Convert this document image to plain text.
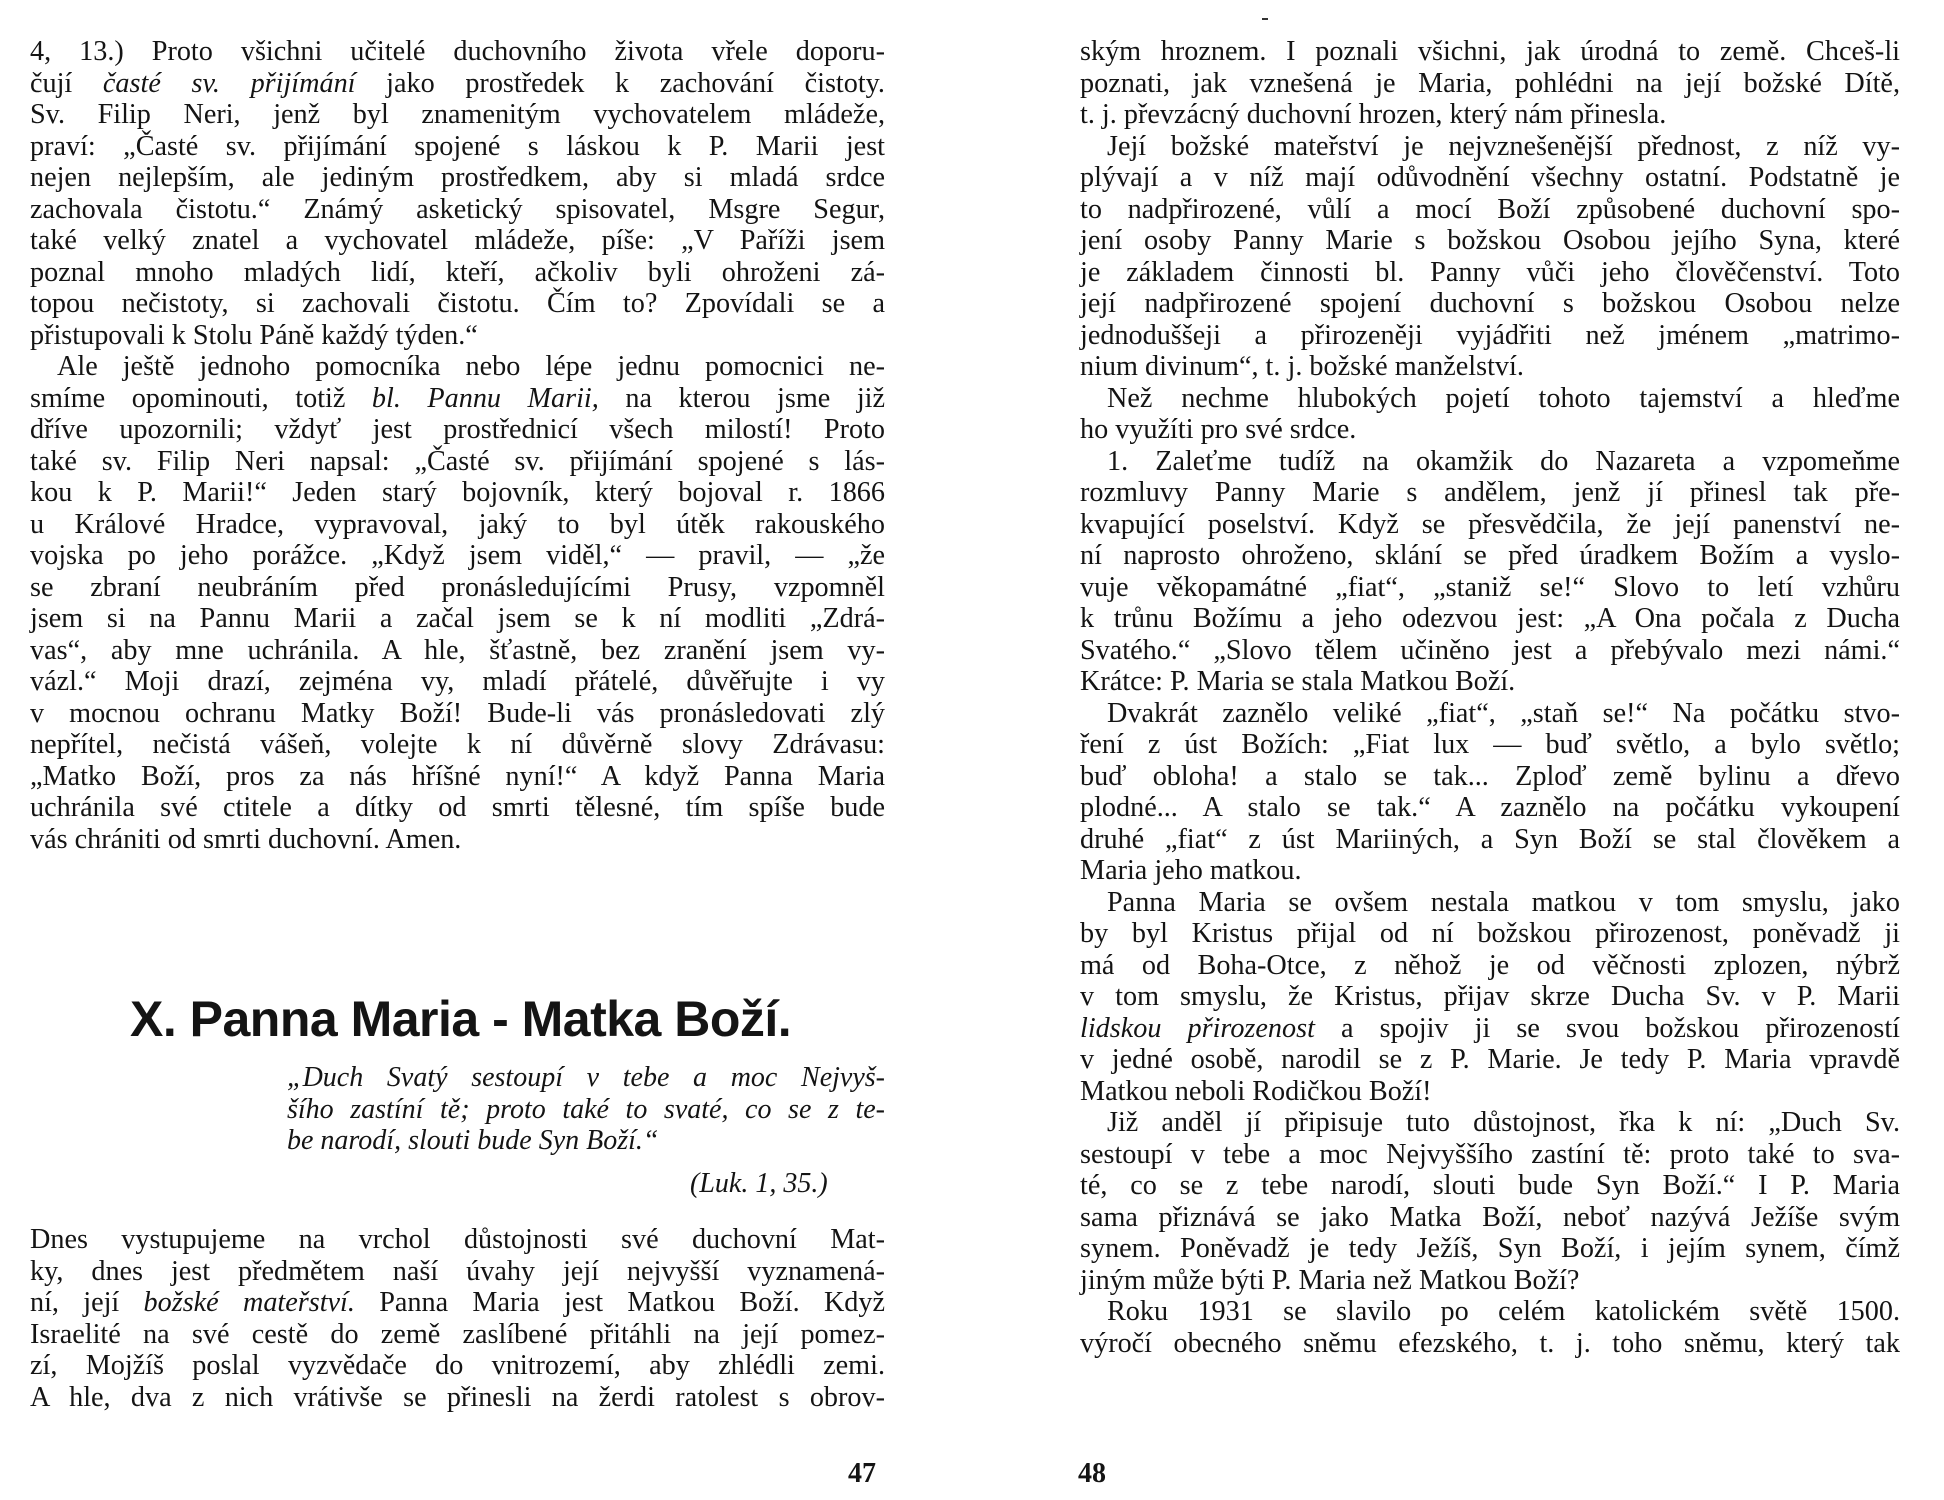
4, 13.) Proto všichni učitelé duchovního života vřele doporu-
čují časté sv. přijímání jako prostředek k zachování čistoty.
Sv. Filip Neri, jenž byl znamenitým vychovatelem mládeže,
praví: „Časté sv. přijímání spojené s láskou k P. Marii jest
nejen nejlepším, ale jediným prostředkem, aby si mladá srdce
zachovala čistotu.“ Známý asketický spisovatel, Msgre Segur,
také velký znatel a vychovatel mládeže, píše: „V Paříži jsem
poznal mnoho mladých lidí, kteří, ačkoliv byli ohroženi zá-
topou nečistoty, si zachovali čistotu. Čím to? Zpovídali se a
přistupovali k Stolu Páně každý týden.“
Ale ještě jednoho pomocníka nebo lépe jednu pomocnici ne-
smíme opominouti, totiž bl. Pannu Marii, na kterou jsme již
dříve upozornili; vždyť jest prostřednicí všech milostí! Proto
také sv. Filip Neri napsal: „Časté sv. přijímání spojené s lás-
kou k P. Marii!“ Jeden starý bojovník, který bojoval r. 1866
u Králové Hradce, vypravoval, jaký to byl útěk rakouského
vojska po jeho porážce. „Když jsem viděl,“ — pravil, — „že
se zbraní neubráním před pronásledujícími Prusy, vzpomněl
jsem si na Pannu Marii a začal jsem se k ní modliti „Zdrá-
vas“, aby mne uchránila. A hle, šťastně, bez zranění jsem vy-
vázl.“ Moji drazí, zejména vy, mladí přátelé, důvěřujte i vy
v mocnou ochranu Matky Boží! Bude-li vás pronásledovati zlý
nepřítel, nečistá vášeň, volejte k ní důvěrně slovy Zdrávasu:
„Matko Boží, pros za nás hříšné nyní!“ A když Panna Maria
uchránila své ctitele a dítky od smrti tělesné, tím spíše bude
vás chrániti od smrti duchovní. Amen.
X. Panna Maria - Matka Boží.
„Duch Svatý sestoupí v tebe a moc Nejvyš-
šího zastíní tě; proto také to svaté, co se z te-
be narodí, slouti bude Syn Boží.“
(Luk. 1, 35.)
Dnes vystupujeme na vrchol důstojnosti své duchovní Mat-
ky, dnes jest předmětem naší úvahy její nejvyšší vyznamená-
ní, její božské mateřství. Panna Maria jest Matkou Boží. Když
Israelité na své cestě do země zaslíbené přitáhli na její pomez-
zí, Mojžíš poslal vyzvědače do vnitrozemí, aby zhlédli zemi.
A hle, dva z nich vrátivše se přinesli na žerdi ratolest s obrov-
47
ským hroznem. I poznali všichni, jak úrodná to země. Chceš-li
poznati, jak vznešená je Maria, pohlédni na její božské Dítě,
t. j. převzácný duchovní hrozen, který nám přinesla.
Její božské mateřství je nejvznešenější přednost, z níž vy-
plývají a v níž mají odůvodnění všechny ostatní. Podstatně je
to nadpřirozené, vůlí a mocí Boží způsobené duchovní spo-
jení osoby Panny Marie s božskou Osobou jejího Syna, které
je základem činnosti bl. Panny vůči jeho člověčenství. Toto
její nadpřirozené spojení duchovní s božskou Osobou nelze
jednoduššeji a přirozeněji vyjádřiti než jménem „matrimo-
nium divinum“, t. j. božské manželství.
Než nechme hlubokých pojetí tohoto tajemství a hleďme
ho využíti pro své srdce.
1. Zaleťme tudíž na okamžik do Nazareta a vzpomeňme
rozmluvy Panny Marie s andělem, jenž jí přinesl tak pře-
kvapující poselství. Když se přesvědčila, že její panenství ne-
ní naprosto ohroženo, sklání se před úradkem Božím a vyslo-
vuje věkopamátné „fiat“, „staniž se!“ Slovo to letí vzhůru
k trůnu Božímu a jeho odezvou jest: „A Ona počala z Ducha
Svatého.“ „Slovo tělem učiněno jest a přebývalo mezi námi.“
Krátce: P. Maria se stala Matkou Boží.
Dvakrát zaznělo veliké „fiat“, „staň se!“ Na počátku stvo-
ření z úst Božích: „Fiat lux — buď světlo, a bylo světlo;
buď obloha! a stalo se tak... Zploď země bylinu a dřevo
plodné... A stalo se tak.“ A zaznělo na počátku vykoupení
druhé „fiat“ z úst Mariiných, a Syn Boží se stal člověkem a
Maria jeho matkou.
Panna Maria se ovšem nestala matkou v tom smyslu, jako
by byl Kristus přijal od ní božskou přirozenost, poněvadž ji
má od Boha-Otce, z něhož je od věčnosti zplozen, nýbrž
v tom smyslu, že Kristus, přijav skrze Ducha Sv. v P. Marii
lidskou přirozenost a spojiv ji se svou božskou přirozeností
v jedné osobě, narodil se z P. Marie. Je tedy P. Maria vpravdě
Matkou neboli Rodičkou Boží!
Již anděl jí připisuje tuto důstojnost, řka k ní: „Duch Sv.
sestoupí v tebe a moc Nejvyššího zastíní tě: proto také to sva-
té, co se z tebe narodí, slouti bude Syn Boží.“ I P. Maria
sama přiznává se jako Matka Boží, neboť nazývá Ježíše svým
synem. Poněvadž je tedy Ježíš, Syn Boží, i jejím synem, čímž
jiným může býti P. Maria než Matkou Boží?
Roku 1931 se slavilo po celém katolickém světě 1500.
výročí obecného sněmu efezského, t. j. toho sněmu, který tak
48
